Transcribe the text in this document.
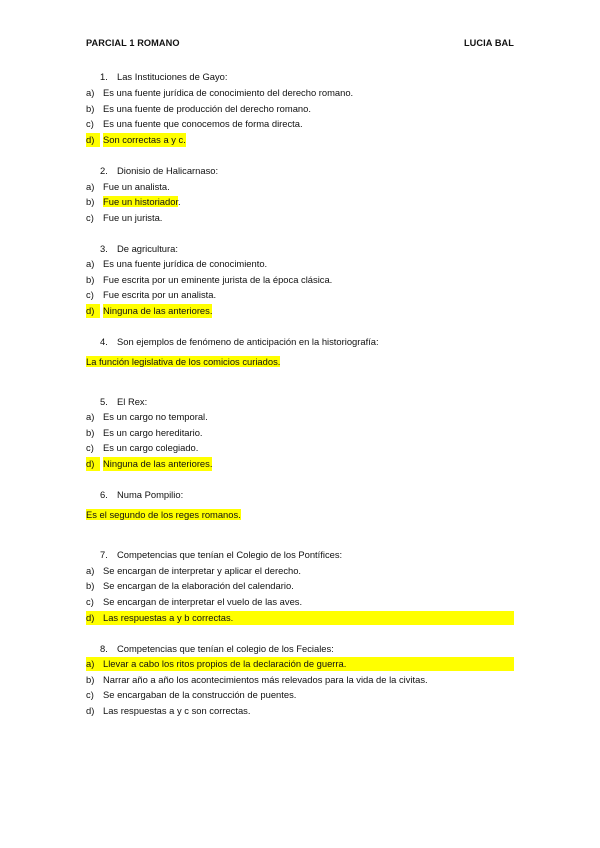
PARCIAL 1 ROMANO	LUCIA BAL
1. Las Instituciones de Gayo:
a) Es una fuente jurídica de conocimiento del derecho romano.
b) Es una fuente de producción del derecho romano.
c) Es una fuente que conocemos de forma directa.
d) Son correctas a y c.
2. Dionisio de Halicarnaso:
a) Fue un analista.
b) Fue un historiador.
c) Fue un jurista.
3. De agricultura:
a) Es una fuente jurídica de conocimiento.
b) Fue escrita por un eminente jurista de la época clásica.
c) Fue escrita por un analista.
d) Ninguna de las anteriores.
4. Son ejemplos de fenómeno de anticipación en la historiografía:
La función legislativa de los comicios curiados.
5. El Rex:
a) Es un cargo no temporal.
b) Es un cargo hereditario.
c) Es un cargo colegiado.
d) Ninguna de las anteriores.
6. Numa Pompilio:
Es el segundo de los reges romanos.
7. Competencias que tenían el Colegio de los Pontífices:
a) Se encargan de interpretar y aplicar el derecho.
b) Se encargan de la elaboración del calendario.
c) Se encargan de interpretar el vuelo de las aves.
d) Las respuestas a y b correctas.
8. Competencias que tenían el colegio de los Feciales:
a) Llevar a cabo los ritos propios de la declaración de guerra.
b) Narrar año a año los acontecimientos más relevados para la vida de la civitas.
c) Se encargaban de la construcción de puentes.
d) Las respuestas a y c son correctas.
